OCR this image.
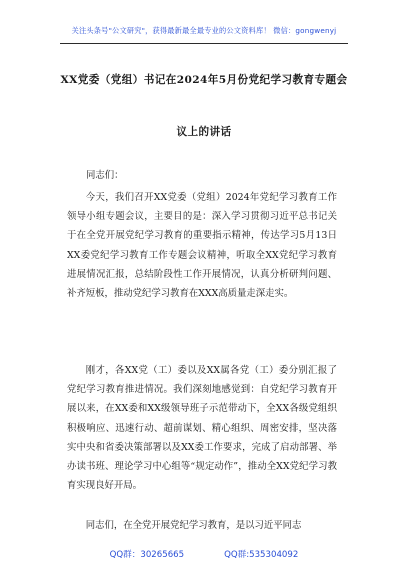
关注头条号"公文研究"，获得最新最全最专业的公文资料库！ 微信：gongwenyj
XX党委（党组）书记在2024年5月份党纪学习教育专题会
议上的讲话

同志们：

今天，我们召开XX党委（党组）2024年党纪学习教育工作领导小组专题会议，主要目的是：深入学习贯彻习近平总书记关于在全党开展党纪学习教育的重要指示精神，传达学习5月13日XX委党纪学习教育工作专题会议精神，听取全XX党纪学习教育进展情况汇报，总结阶段性工作开展情况，认真分析研判问题、补齐短板，推动党纪学习教育在XXX高质量走深走实。

刚才，各XX党（工）委以及XX属各党（工）委分别汇报了党纪学习教育推进情况。我们深刻地感觉到：自党纪学习教育开展以来，在XX委和XX级领导班子示范带动下，全XX各级党组织积极响应、迅速行动、超前谋划、精心组织、周密安排，坚决落实中央和省委决策部署以及XX委工作要求，完成了启动部署、举办读书班、理论学习中心组等“规定动作”，推动全XX党纪学习教育实现良好开局。

同志们，在全党开展党纪学习教育，是以习近平同志

QQ群：30265665	QQ群:535304092
